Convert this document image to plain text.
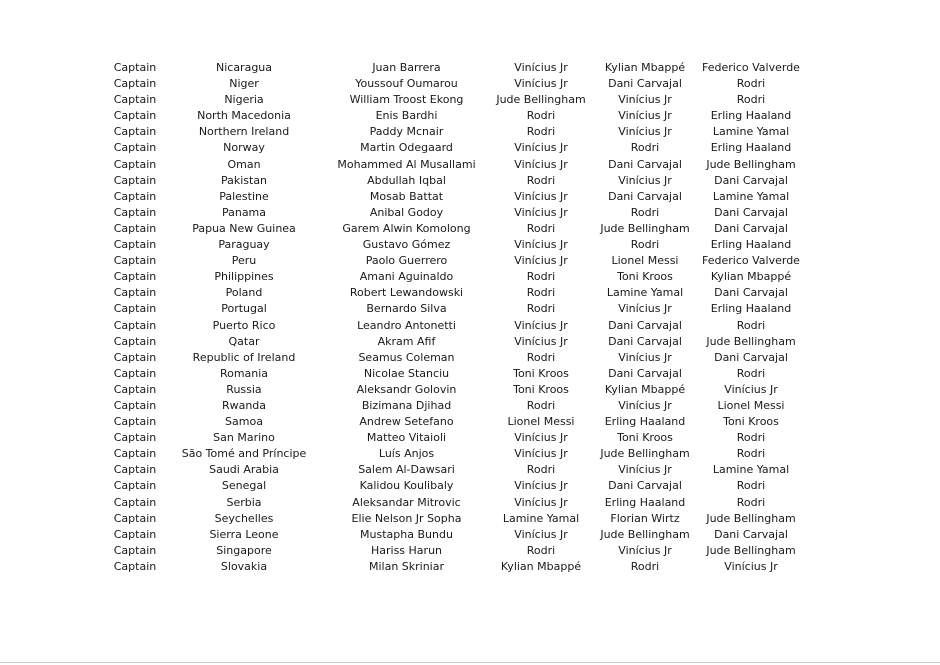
Captain	Nicaragua	Juan Barrera	Vinícius Jr	Kylian Mbappé	Federico Valverde
Captain	Niger	Youssouf Oumarou	Vinícius Jr	Dani Carvajal	Rodri
Captain	Nigeria	William Troost Ekong	Jude Bellingham	Vinícius Jr	Rodri
Captain	North Macedonia	Enis Bardhi	Rodri	Vinícius Jr	Erling Haaland
Captain	Northern Ireland	Paddy Mcnair	Rodri	Vinícius Jr	Lamine Yamal
Captain	Norway	Martin Odegaard	Vinícius Jr	Rodri	Erling Haaland
Captain	Oman	Mohammed Al Musallami	Vinícius Jr	Dani Carvajal	Jude Bellingham
Captain	Pakistan	Abdullah Iqbal	Rodri	Vinícius Jr	Dani Carvajal
Captain	Palestine	Mosab Battat	Vinícius Jr	Dani Carvajal	Lamine Yamal
Captain	Panama	Anibal Godoy	Vinícius Jr	Rodri	Dani Carvajal
Captain	Papua New Guinea	Garem Alwin Komolong	Rodri	Jude Bellingham	Dani Carvajal
Captain	Paraguay	Gustavo Gómez	Vinícius Jr	Rodri	Erling Haaland
Captain	Peru	Paolo Guerrero	Vinícius Jr	Lionel Messi	Federico Valverde
Captain	Philippines	Amani Aguinaldo	Rodri	Toni Kroos	Kylian Mbappé
Captain	Poland	Robert Lewandowski	Rodri	Lamine Yamal	Dani Carvajal
Captain	Portugal	Bernardo Silva	Rodri	Vinícius Jr	Erling Haaland
Captain	Puerto Rico	Leandro Antonetti	Vinícius Jr	Dani Carvajal	Rodri
Captain	Qatar	Akram Afif	Vinícius Jr	Dani Carvajal	Jude Bellingham
Captain	Republic of Ireland	Seamus Coleman	Rodri	Vinícius Jr	Dani Carvajal
Captain	Romania	Nicolae Stanciu	Toni Kroos	Dani Carvajal	Rodri
Captain	Russia	Aleksandr Golovin	Toni Kroos	Kylian Mbappé	Vinícius Jr
Captain	Rwanda	Bizimana Djihad	Rodri	Vinícius Jr	Lionel Messi
Captain	Samoa	Andrew Setefano	Lionel Messi	Erling Haaland	Toni Kroos
Captain	San Marino	Matteo Vitaioli	Vinícius Jr	Toni Kroos	Rodri
Captain	São Tomé and Príncipe	Luís Anjos	Vinícius Jr	Jude Bellingham	Rodri
Captain	Saudi Arabia	Salem Al-Dawsari	Rodri	Vinícius Jr	Lamine Yamal
Captain	Senegal	Kalidou Koulibaly	Vinícius Jr	Dani Carvajal	Rodri
Captain	Serbia	Aleksandar Mitrovic	Vinícius Jr	Erling Haaland	Rodri
Captain	Seychelles	Elie Nelson Jr Sopha	Lamine Yamal	Florian Wirtz	Jude Bellingham
Captain	Sierra Leone	Mustapha Bundu	Vinícius Jr	Jude Bellingham	Dani Carvajal
Captain	Singapore	Hariss Harun	Rodri	Vinícius Jr	Jude Bellingham
Captain	Slovakia	Milan Skriniar	Kylian Mbappé	Rodri	Vinícius Jr
